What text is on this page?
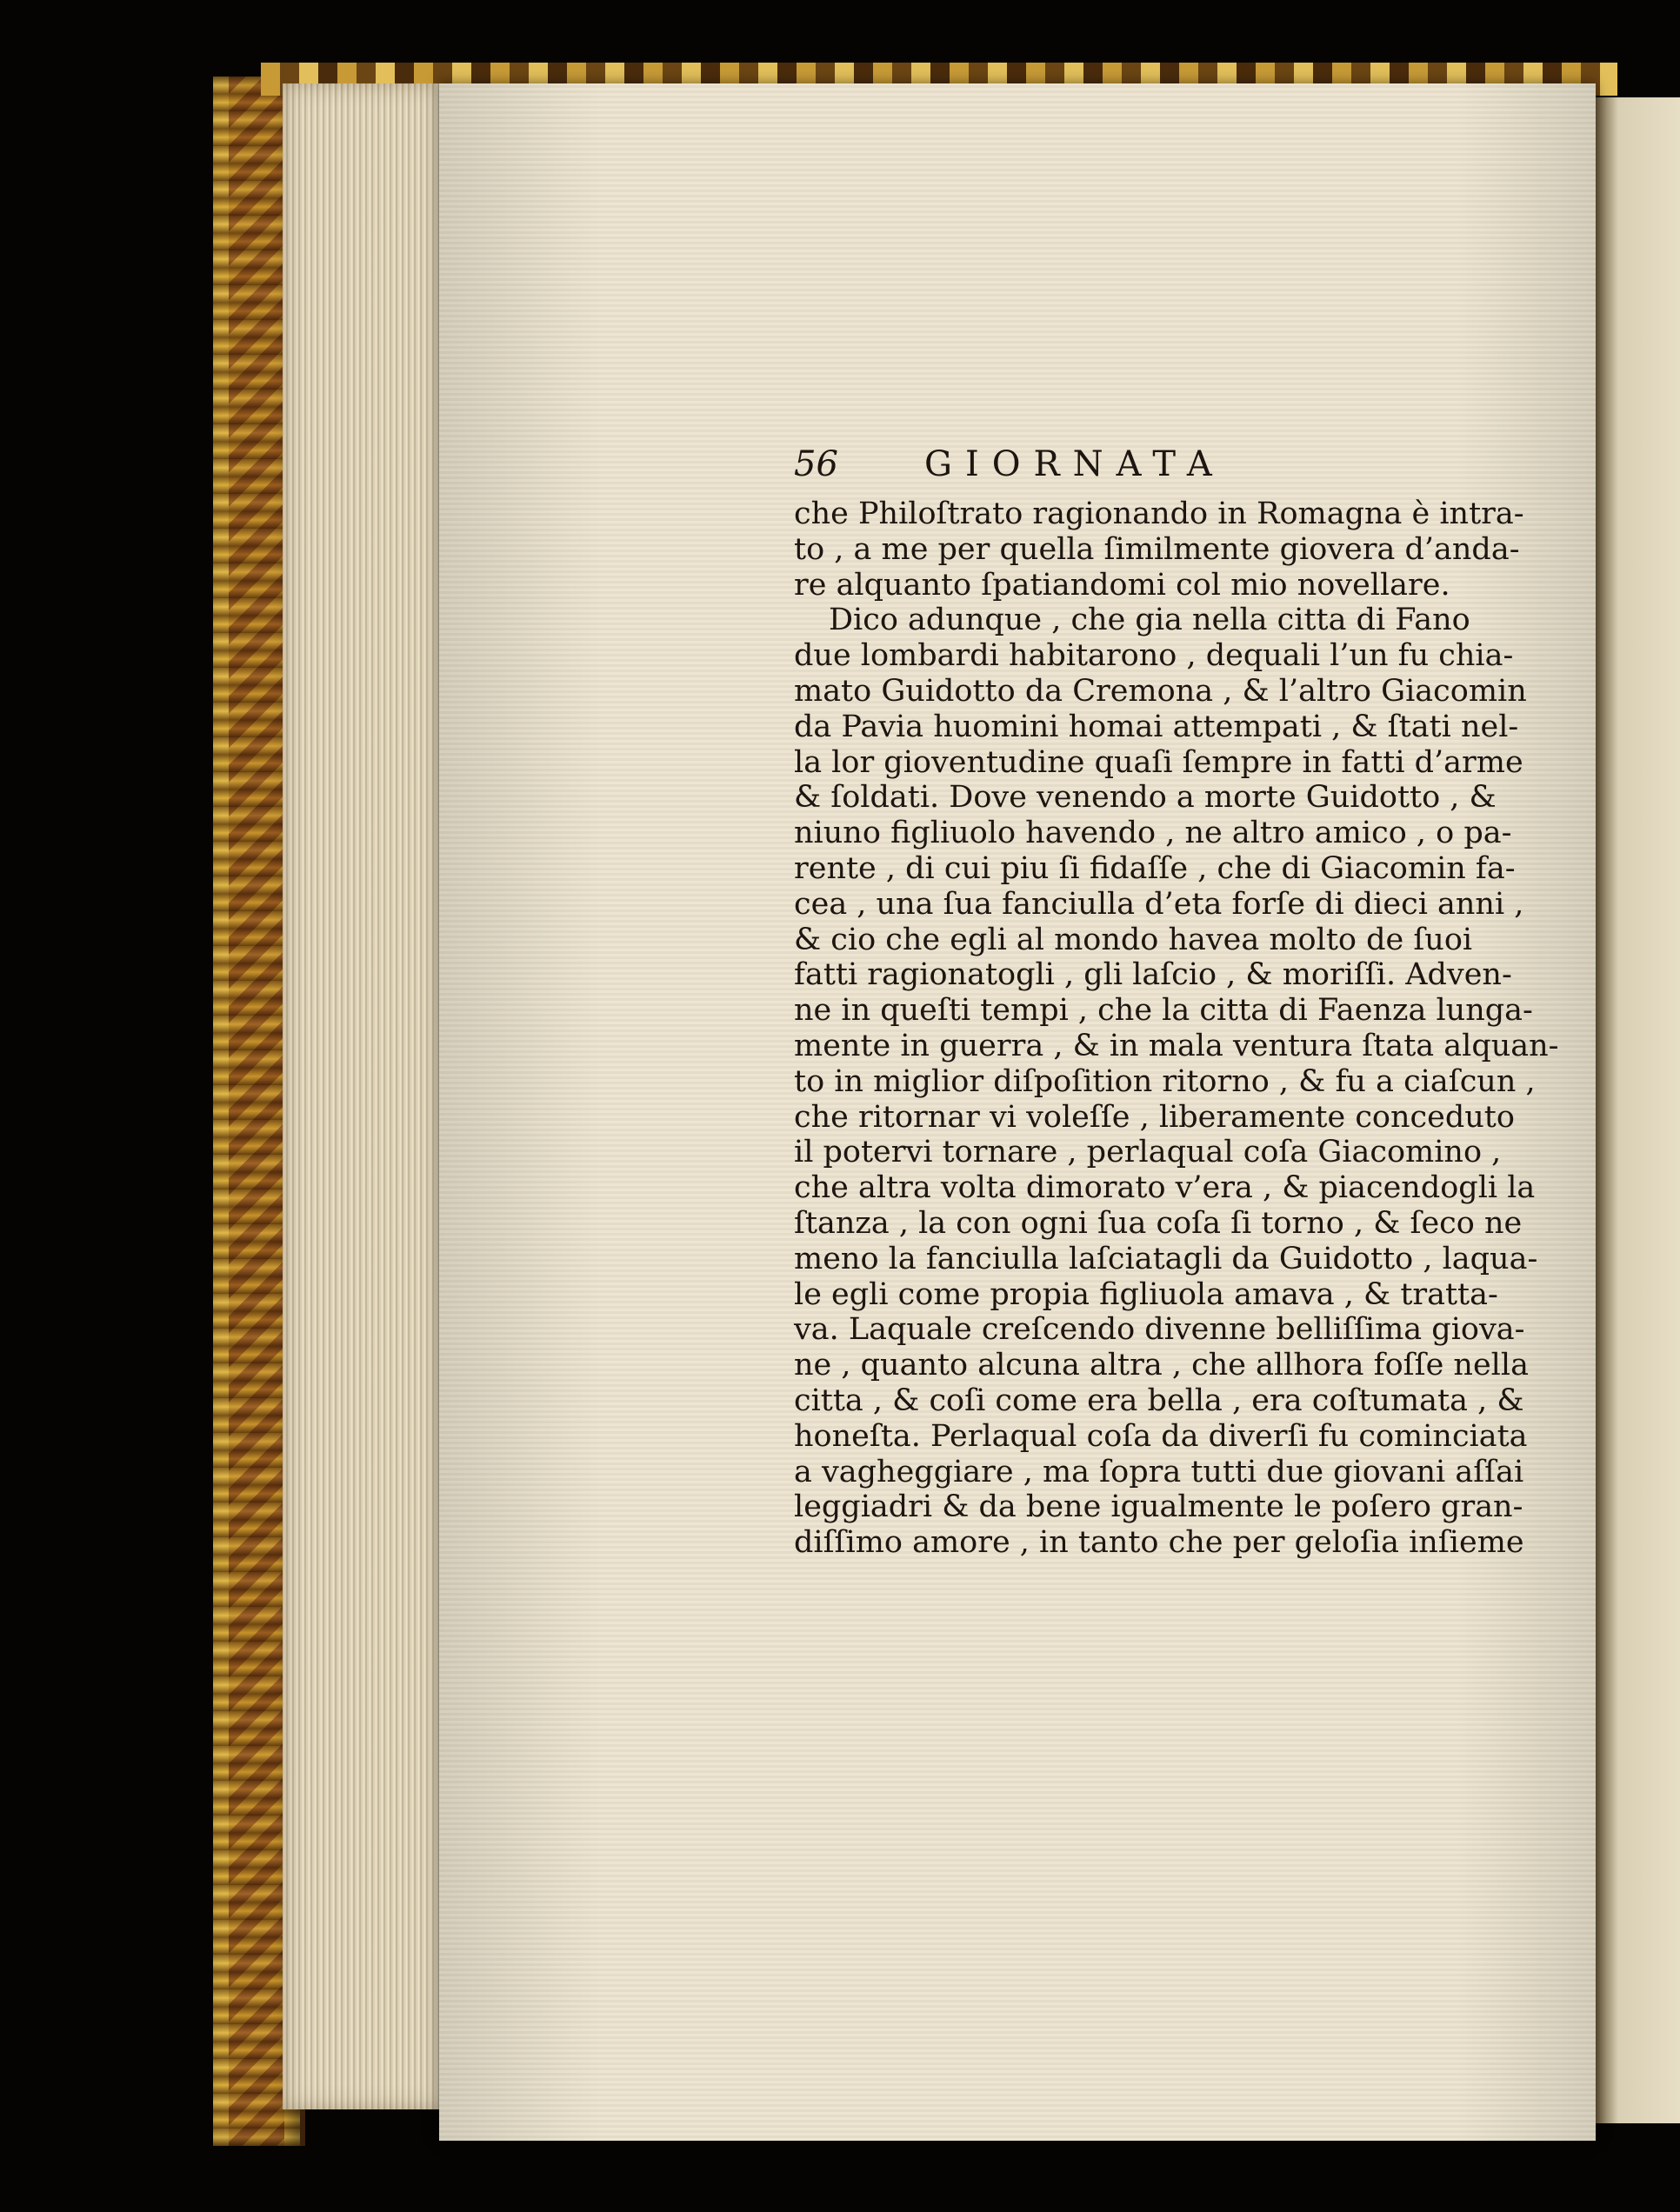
56 GIORNATA
che Philoſtrato ragionando in Romagna è intra-
to , a me per quella ſimilmente giovera d’anda-
re alquanto ſpatiandomi col mio novellare.
Dico adunque , che gia nella citta di Fano
due lombardi habitarono , dequali l’un fu chia-
mato Guidotto da Cremona , & l’altro Giacomin
da Pavia huomini homai attempati , & ſtati nel-
la lor gioventudine quaſi ſempre in fatti d’arme
& ſoldati. Dove venendo a morte Guidotto , &
niuno figliuolo havendo , ne altro amico , o pa-
rente , di cui piu ſi fidaſſe , che di Giacomin fa-
cea , una ſua fanciulla d’eta forſe di dieci anni ,
& cio che egli al mondo havea molto de ſuoi
fatti ragionatogli , gli laſcio , & moriſſi. Adven-
ne in queſti tempi , che la citta di Faenza lunga-
mente in guerra , & in mala ventura ſtata alquan-
to in miglior diſpoſition ritorno , & fu a ciaſcun ,
che ritornar vi voleſſe , liberamente conceduto
il potervi tornare , perlaqual coſa Giacomino ,
che altra volta dimorato v’era , & piacendogli la
ſtanza , la con ogni ſua coſa ſi torno , & ſeco ne
meno la fanciulla laſciatagli da Guidotto , laqua-
le egli come propia figliuola amava , & tratta-
va. Laquale creſcendo divenne belliſſima giova-
ne , quanto alcuna altra , che allhora foſſe nella
citta , & coſi come era bella , era coſtumata , &
honeſta. Perlaqual coſa da diverſi fu cominciata
a vagheggiare , ma ſopra tutti due giovani aſſai
leggiadri & da bene igualmente le poſero gran-
diſſimo amore , in tanto che per geloſia inſieme
